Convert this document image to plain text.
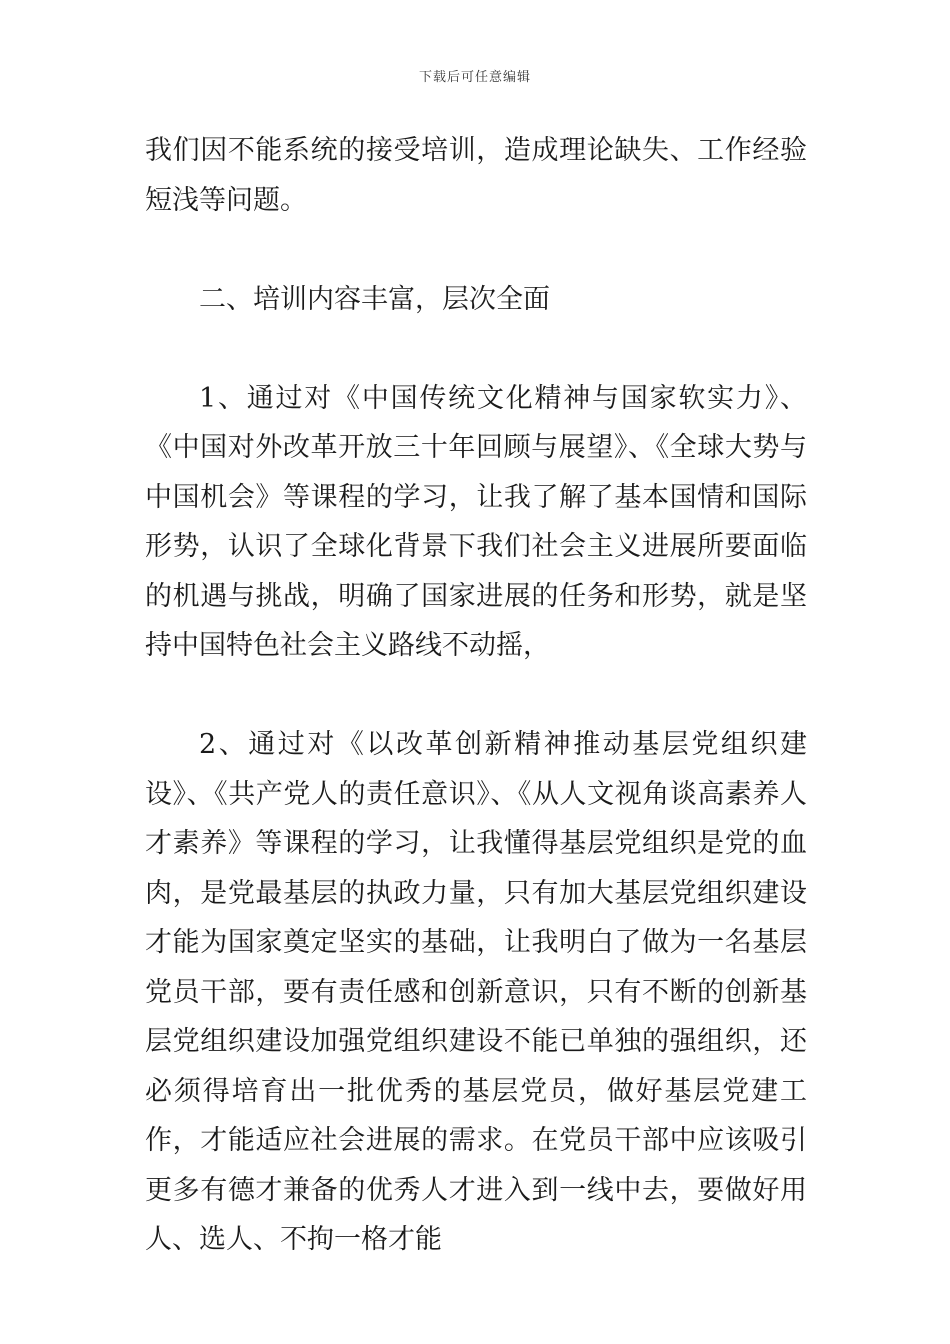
下载后可任意编辑

我们因不能系统的接受培训，造成理论缺失、工作经验短浅等问题。

二、培训内容丰富，层次全面

1、通过对《中国传统文化精神与国家软实力》、《中国对外改革开放三十年回顾与展望》、《全球大势与中国机会》等课程的学习，让我了解了基本国情和国际形势，认识了全球化背景下我们社会主义进展所要面临的机遇与挑战，明确了国家进展的任务和形势，就是坚持中国特色社会主义路线不动摇，

2、通过对《以改革创新精神推动基层党组织建设》、《共产党人的责任意识》、《从人文视角谈高素养人才素养》等课程的学习，让我懂得基层党组织是党的血肉，是党最基层的执政力量，只有加大基层党组织建设才能为国家奠定坚实的基础，让我明白了做为一名基层党员干部，要有责任感和创新意识，只有不断的创新基层党组织建设加强党组织建设不能已单独的强组织，还必须得培育出一批优秀的基层党员，做好基层党建工作，才能适应社会进展的需求。在党员干部中应该吸引更多有德才兼备的优秀人才进入到一线中去，要做好用人、选人、不拘一格才能
